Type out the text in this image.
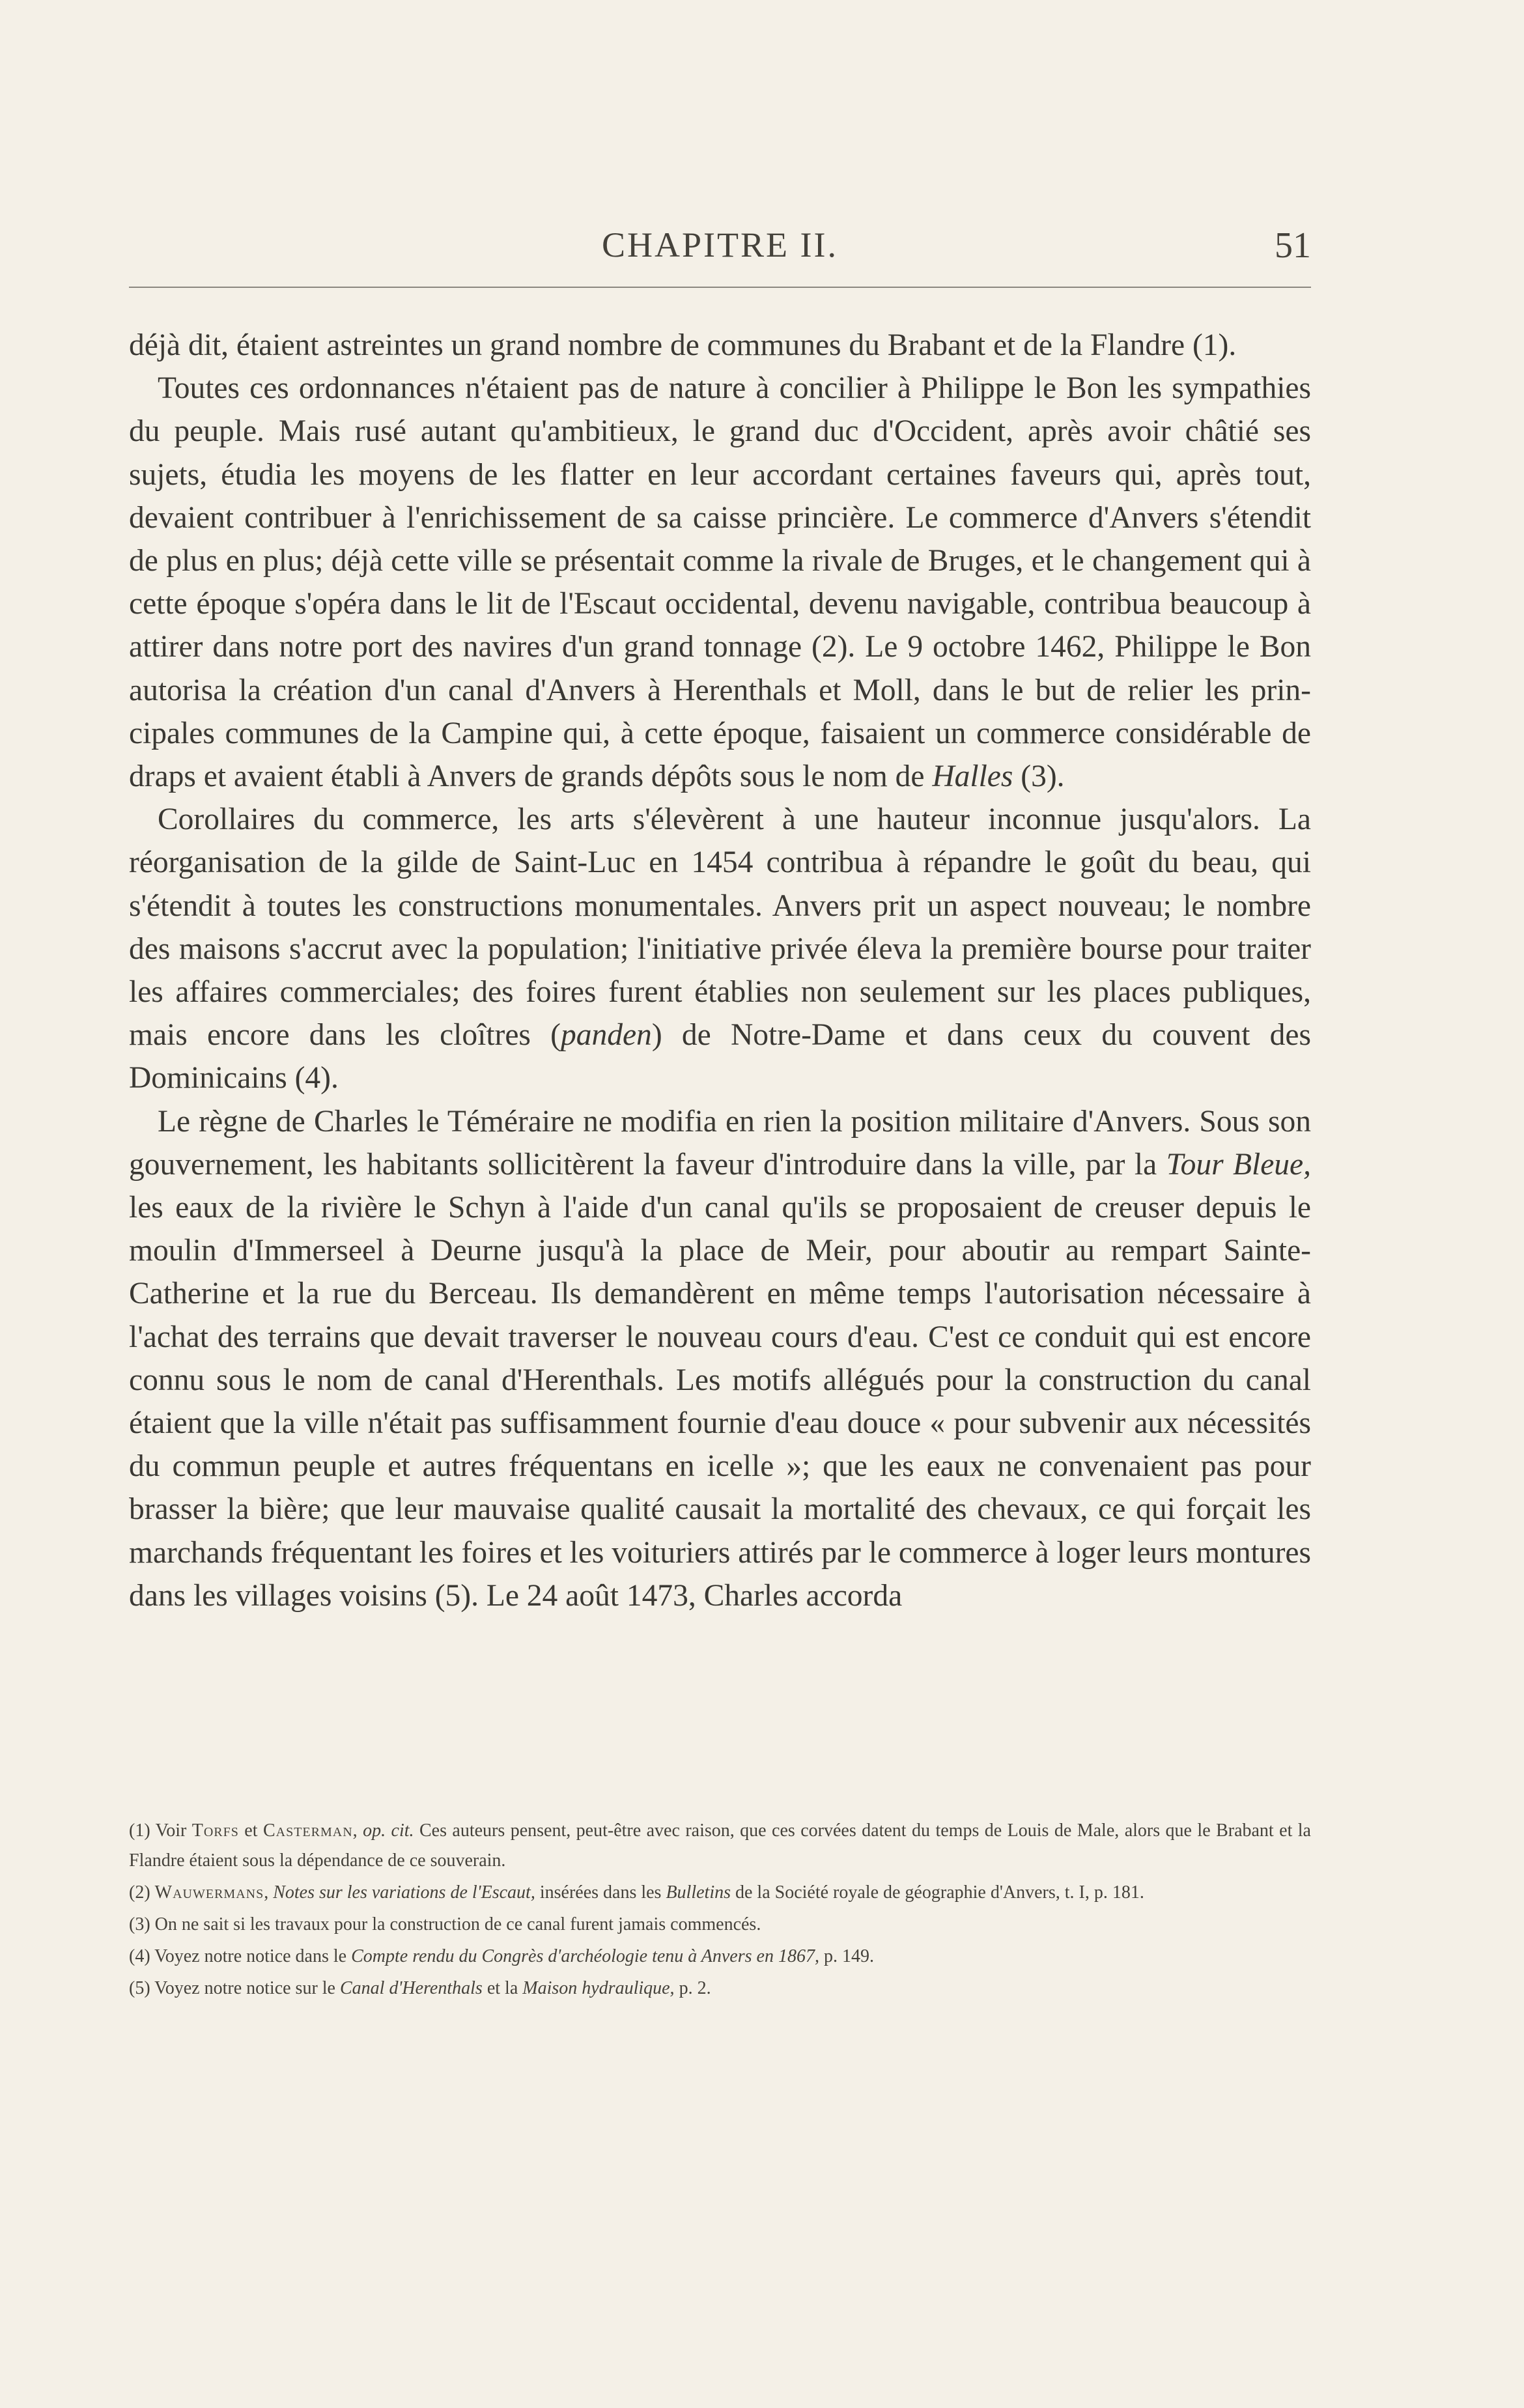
CHAPITRE II.	51

déjà dit, étaient astreintes un grand nombre de communes du Brabant et de la Flandre (1).

Toutes ces ordonnances n'étaient pas de nature à concilier à Philippe le Bon les sympathies du peuple. Mais rusé autant qu'ambitieux, le grand duc d'Occident, après avoir châtié ses sujets, étudia les moyens de les flatter en leur accordant certaines faveurs qui, après tout, devaient contribuer à l'enrichissement de sa caisse princière. Le commerce d'Anvers s'étendit de plus en plus; déjà cette ville se présentait comme la rivale de Bruges, et le changement qui à cette époque s'opéra dans le lit de l'Escaut occidental, devenu navigable, contribua beaucoup à attirer dans notre port des navires d'un grand tonnage (2). Le 9 octobre 1462, Philippe le Bon autorisa la création d'un canal d'Anvers à Herenthals et Moll, dans le but de relier les principales communes de la Campine qui, à cette époque, faisaient un commerce considérable de draps et avaient établi à Anvers de grands dépôts sous le nom de Halles (3).

Corollaires du commerce, les arts s'élevèrent à une hauteur inconnue jusqu'alors. La réorganisation de la gilde de Saint-Luc en 1454 contribua à répandre le goût du beau, qui s'étendit à toutes les constructions monumentales. Anvers prit un aspect nouveau; le nombre des maisons s'accrut avec la population; l'initiative privée éleva la première bourse pour traiter les affaires commerciales; des foires furent établies non seulement sur les places publiques, mais encore dans les cloîtres (panden) de Notre-Dame et dans ceux du couvent des Dominicains (4).

Le règne de Charles le Téméraire ne modifia en rien la position militaire d'Anvers. Sous son gouvernement, les habitants sollicitèrent la faveur d'introduire dans la ville, par la Tour Bleue, les eaux de la rivière le Schyn à l'aide d'un canal qu'ils se proposaient de creuser depuis le moulin d'Immerseel à Deurne jusqu'à la place de Meir, pour aboutir au rempart Sainte-Catherine et la rue du Berceau. Ils demandèrent en même temps l'autorisation nécessaire à l'achat des terrains que devait traverser le nouveau cours d'eau. C'est ce conduit qui est encore connu sous le nom de canal d'Herenthals. Les motifs allégués pour la construction du canal étaient que la ville n'était pas suffisamment fournie d'eau douce « pour subvenir aux nécessités du commun peuple et autres fréquentans en icelle »; que les eaux ne convenaient pas pour brasser la bière; que leur mauvaise qualité causait la mortalité des chevaux, ce qui forçait les marchands fréquentant les foires et les voituriers attirés par le commerce à loger leurs montures dans les villages voisins (5). Le 24 août 1473, Charles accorda

(1) Voir Torfs et Casterman, op. cit. Ces auteurs pensent, peut-être avec raison, que ces corvées datent du temps de Louis de Male, alors que le Brabant et la Flandre étaient sous la dépendance de ce souverain.

(2) Wauwermans, Notes sur les variations de l'Escaut, insérées dans les Bulletins de la Société royale de géographie d'Anvers, t. I, p. 181.

(3) On ne sait si les travaux pour la construction de ce canal furent jamais commencés.

(4) Voyez notre notice dans le Compte rendu du Congrès d'archéologie tenu à Anvers en 1867, p. 149.

(5) Voyez notre notice sur le Canal d'Herenthals et la Maison hydraulique, p. 2.
